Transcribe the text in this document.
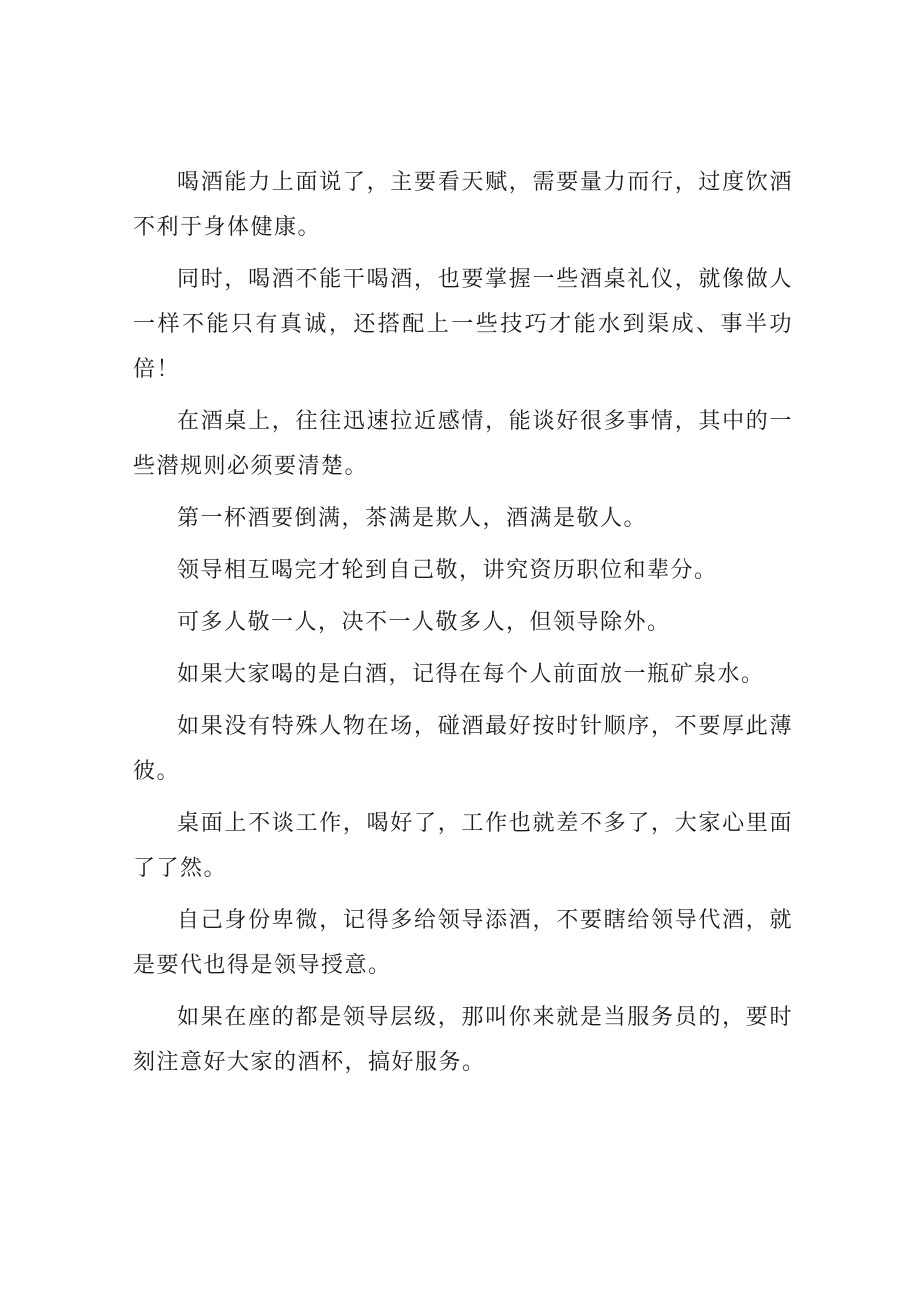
喝酒能力上面说了，主要看天赋，需要量力而行，过度饮酒不利于身体健康。

同时，喝酒不能干喝酒，也要掌握一些酒桌礼仪，就像做人一样不能只有真诚，还搭配上一些技巧才能水到渠成、事半功倍！

在酒桌上，往往迅速拉近感情，能谈好很多事情，其中的一些潜规则必须要清楚。

第一杯酒要倒满，茶满是欺人，酒满是敬人。

领导相互喝完才轮到自己敬，讲究资历职位和辈分。

可多人敬一人，决不一人敬多人，但领导除外。

如果大家喝的是白酒，记得在每个人前面放一瓶矿泉水。

如果没有特殊人物在场，碰酒最好按时针顺序，不要厚此薄彼。

桌面上不谈工作，喝好了，工作也就差不多了，大家心里面了了然。

自己身份卑微，记得多给领导添酒，不要瞎给领导代酒，就是要代也得是领导授意。

如果在座的都是领导层级，那叫你来就是当服务员的，要时刻注意好大家的酒杯，搞好服务。
